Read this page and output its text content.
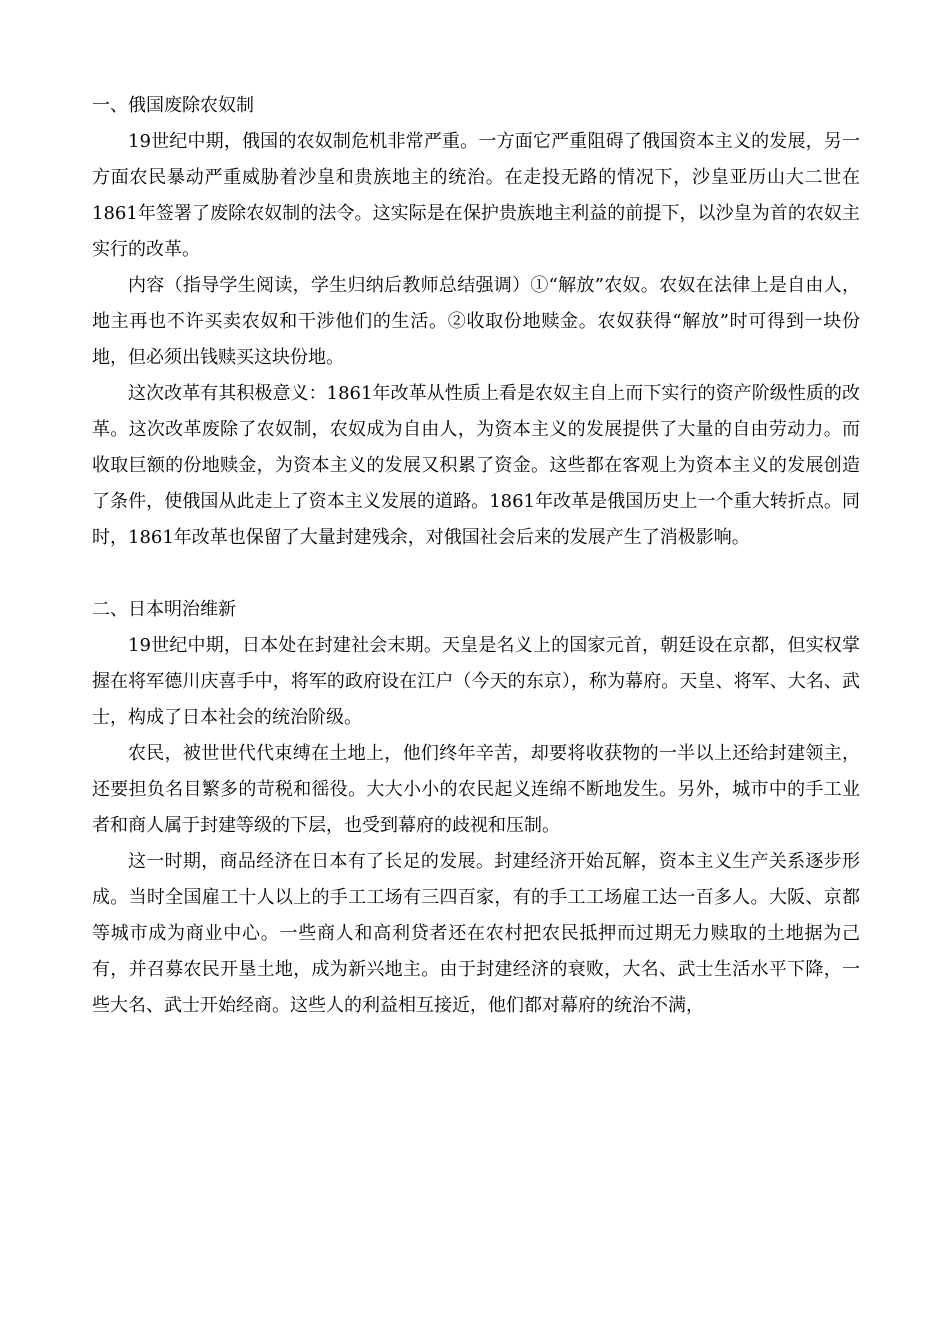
一、俄国废除农奴制

19世纪中期，俄国的农奴制危机非常严重。一方面它严重阻碍了俄国资本主义的发展，另一方面农民暴动严重威胁着沙皇和贵族地主的统治。在走投无路的情况下，沙皇亚历山大二世在1861年签署了废除农奴制的法令。这实际是在保护贵族地主利益的前提下，以沙皇为首的农奴主实行的改革。

内容（指导学生阅读，学生归纳后教师总结强调）①“解放”农奴。农奴在法律上是自由人，地主再也不许买卖农奴和干涉他们的生活。②收取份地赎金。农奴获得“解放”时可得到一块份地，但必须出钱赎买这块份地。

这次改革有其积极意义：1861年改革从性质上看是农奴主自上而下实行的资产阶级性质的改革。这次改革废除了农奴制，农奴成为自由人，为资本主义的发展提供了大量的自由劳动力。而收取巨额的份地赎金，为资本主义的发展又积累了资金。这些都在客观上为资本主义的发展创造了条件，使俄国从此走上了资本主义发展的道路。1861年改革是俄国历史上一个重大转折点。同时，1861年改革也保留了大量封建残余，对俄国社会后来的发展产生了消极影响。

二、日本明治维新

19世纪中期，日本处在封建社会末期。天皇是名义上的国家元首，朝廷设在京都，但实权掌握在将军德川庆喜手中，将军的政府设在江户（今天的东京），称为幕府。天皇、将军、大名、武士，构成了日本社会的统治阶级。

农民，被世世代代束缚在土地上，他们终年辛苦，却要将收获物的一半以上还给封建领主，还要担负名目繁多的苛税和徭役。大大小小的农民起义连绵不断地发生。另外，城市中的手工业者和商人属于封建等级的下层，也受到幕府的歧视和压制。

这一时期，商品经济在日本有了长足的发展。封建经济开始瓦解，资本主义生产关系逐步形成。当时全国雇工十人以上的手工工场有三四百家，有的手工工场雇工达一百多人。大阪、京都等城市成为商业中心。一些商人和高利贷者还在农村把农民抵押而过期无力赎取的土地据为己有，并召募农民开垦土地，成为新兴地主。由于封建经济的衰败，大名、武士生活水平下降，一些大名、武士开始经商。这些人的利益相互接近，他们都对幕府的统治不满，
